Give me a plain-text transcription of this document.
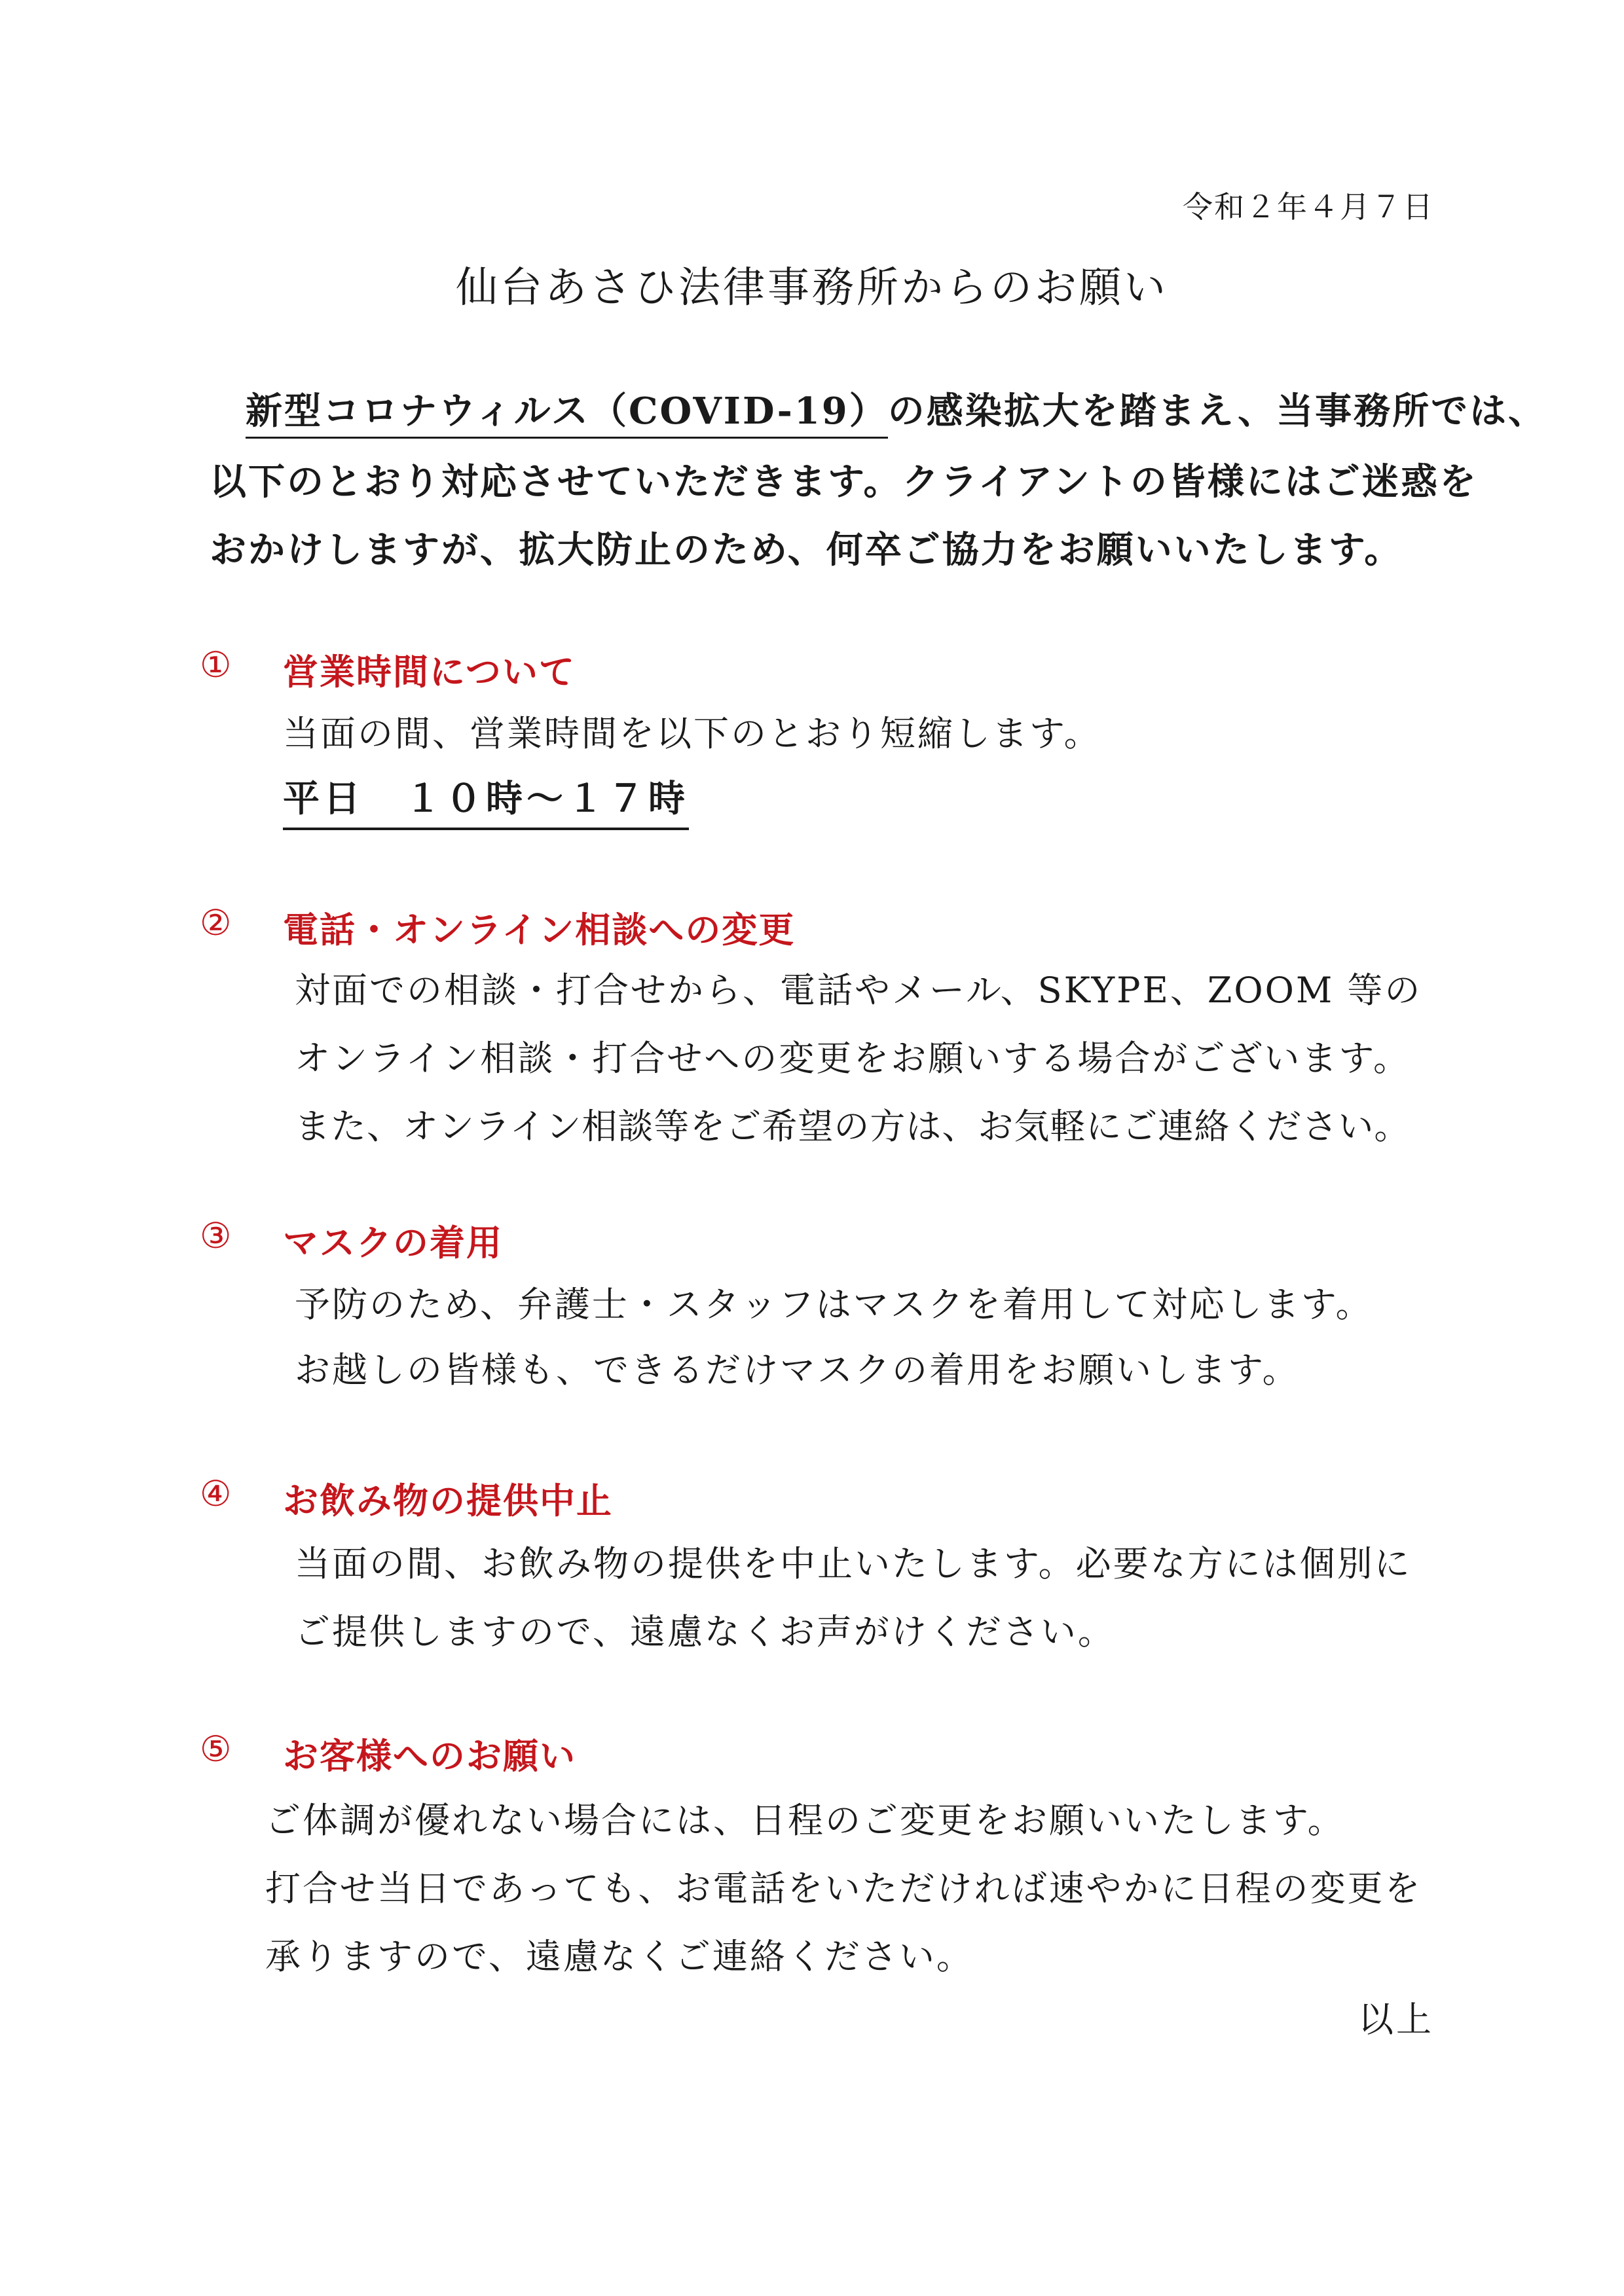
令和２年４月７日
仙台あさひ法律事務所からのお願い
新型コロナウィルス（COVID-19）の感染拡大を踏まえ、当事務所では、
以下のとおり対応させていただきます。クライアントの皆様にはご迷惑を
おかけしますが、拡大防止のため、何卒ご協力をお願いいたします。
① 営業時間について
当面の間、営業時間を以下のとおり短縮します。
平日　１０時〜１７時
② 電話・オンライン相談への変更
対面での相談・打合せから、電話やメール、SKYPE、ZOOM 等の
オンライン相談・打合せへの変更をお願いする場合がございます。
また、オンライン相談等をご希望の方は、お気軽にご連絡ください。
③ マスクの着用
予防のため、弁護士・スタッフはマスクを着用して対応します。
お越しの皆様も、できるだけマスクの着用をお願いします。
④ お飲み物の提供中止
当面の間、お飲み物の提供を中止いたします。必要な方には個別に
ご提供しますので、遠慮なくお声がけください。
⑤ お客様へのお願い
ご体調が優れない場合には、日程のご変更をお願いいたします。
打合せ当日であっても、お電話をいただければ速やかに日程の変更を
承りますので、遠慮なくご連絡ください。
以上
